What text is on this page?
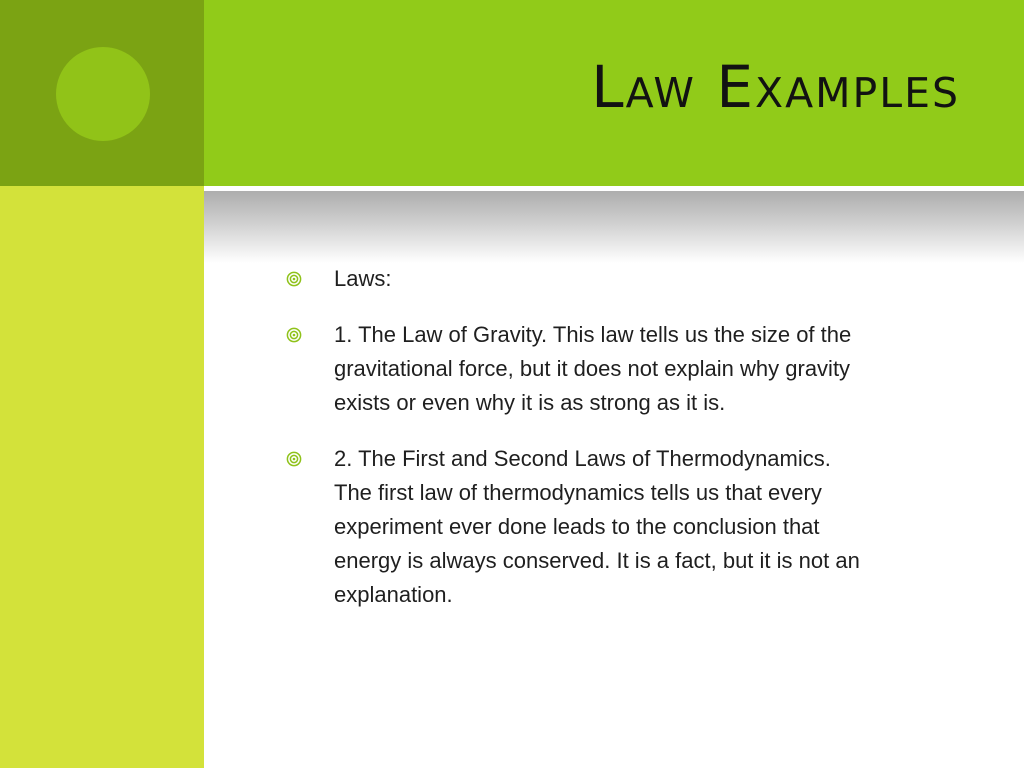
Law Examples

Laws:

1. The Law of Gravity. This law tells us the size of the
gravitational force, but it does not explain why gravity
exists or even why it is as strong as it is.

2. The First and Second Laws of Thermodynamics.
The first law of thermodynamics tells us that every
experiment ever done leads to the conclusion that
energy is always conserved. It is a fact, but it is not an
explanation.
